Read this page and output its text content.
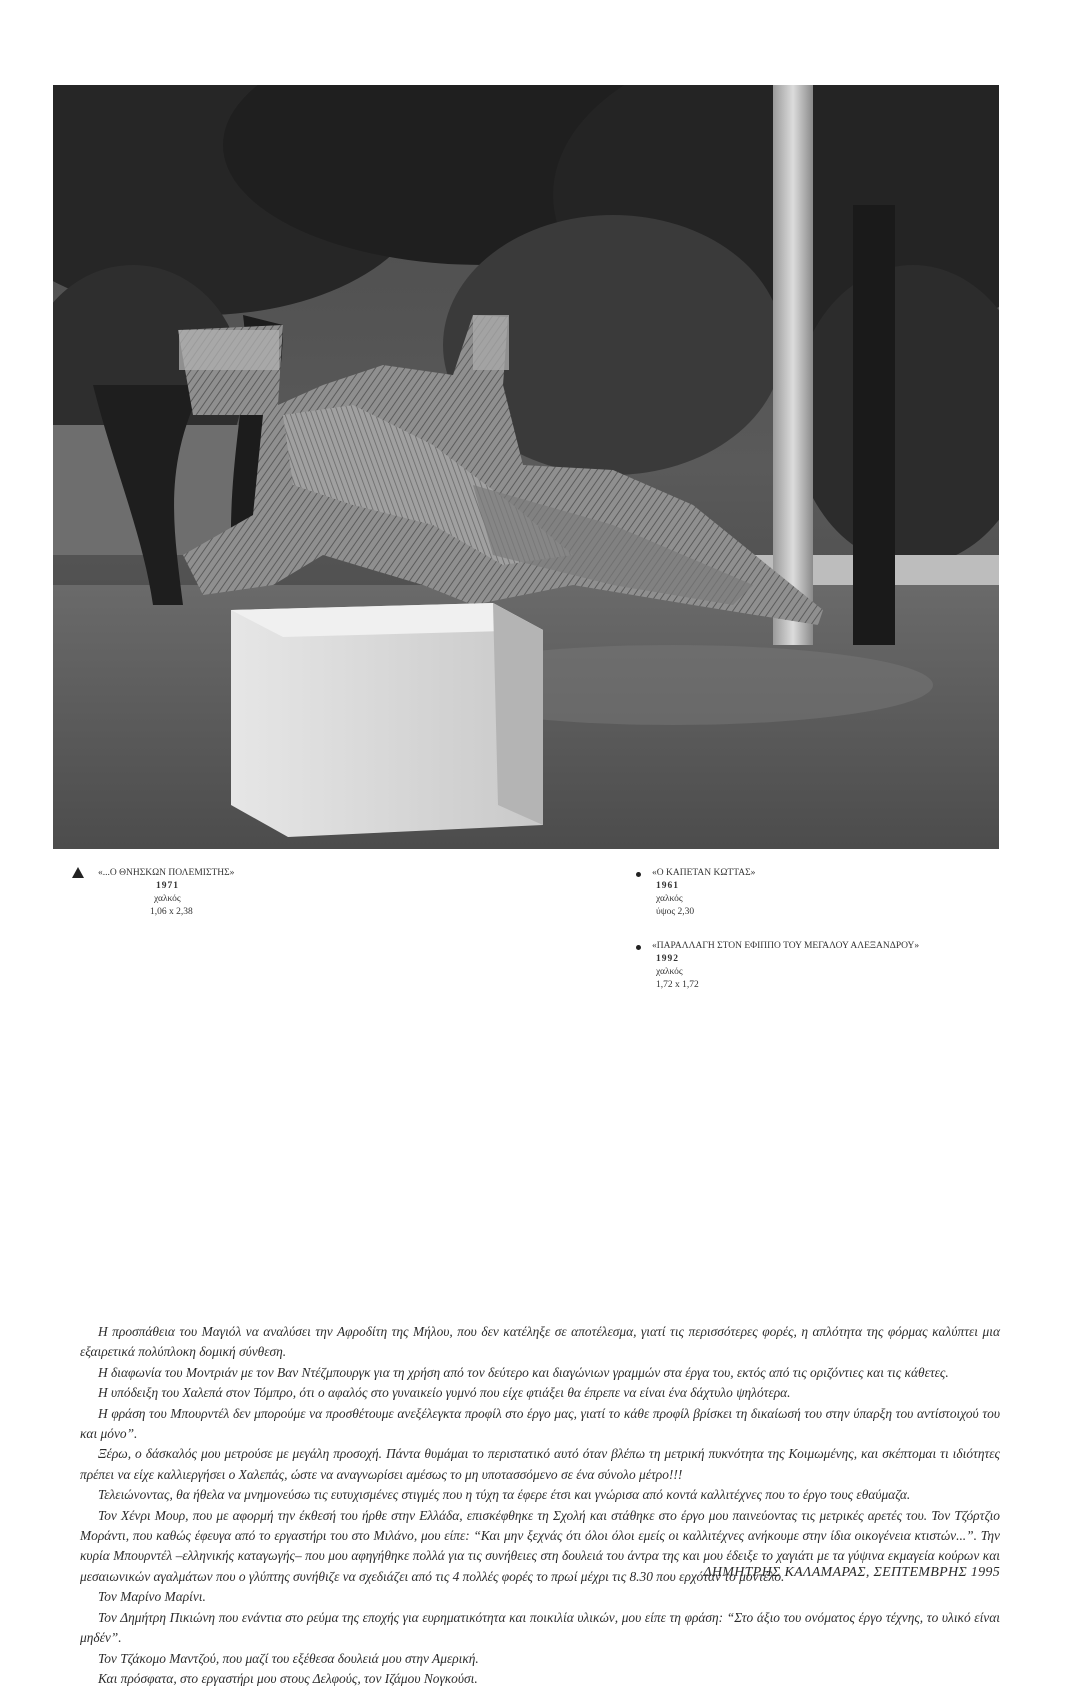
«...Ο ΘΝΗΣΚΩΝ ΠΟΛΕΜΙΣΤΗΣ»
1971
χαλκός
1,06 x 2,38
«Ο ΚΑΠΕΤΑΝ ΚΩΤΤΑΣ»
1961
χαλκός
ύψος 2,30
«ΠΑΡΑΛΛΑΓΗ ΣΤΟΝ ΕΦΙΠΠΟ ΤΟΥ ΜΕΓΑΛΟΥ ΑΛΕΞΑΝΔΡΟΥ»
1992
χαλκός
1,72 x 1,72

Η προσπάθεια του Μαγιόλ να αναλύσει την Αφροδίτη της Μήλου, που δεν κατέληξε σε αποτέλεσμα, γιατί τις περισσότερες φορές, η απλότητα της φόρμας καλύπτει μια εξαιρετικά πολύπλοκη δομική σύνθεση.

Η διαφωνία του Μοντριάν με τον Βαν Ντέζμπουργκ για τη χρήση από τον δεύτερο και διαγώνιων γραμμών στα έργα του, εκτός από τις οριζόντιες και τις κάθετες.

Η υπόδειξη του Χαλεπά στον Τόμπρο, ότι ο αφαλός στο γυναικείο γυμνό που είχε φτιάξει θα έπρεπε να είναι ένα δάχτυλο ψηλότερα.

Η φράση του Μπουρντέλ δεν μπορούμε να προσθέτουμε ανεξέλεγκτα προφίλ στο έργο μας, γιατί το κάθε προφίλ βρίσκει τη δικαίωσή του στην ύπαρξη του αντίστοιχού του και μόνο”.

Ξέρω, ο δάσκαλός μου μετρούσε με μεγάλη προσοχή. Πάντα θυμάμαι το περιστατικό αυτό όταν βλέπω τη μετρική πυκνότητα της Κοιμωμένης, και σκέπτομαι τι ιδιότητες πρέπει να είχε καλλιεργήσει ο Χαλεπάς, ώστε να αναγνωρίσει αμέσως το μη υποτασσόμενο σε ένα σύνολο μέτρο!!!

Τελειώνοντας, θα ήθελα να μνημονεύσω τις ευτυχισμένες στιγμές που η τύχη τα έφερε έτσι και γνώρισα από κοντά καλλιτέχνες που το έργο τους εθαύμαζα.

Τον Χένρι Μουρ, που με αφορμή την έκθεσή του ήρθε στην Ελλάδα, επισκέφθηκε τη Σχολή και στάθηκε στο έργο μου παινεύοντας τις μετρικές αρετές του. Τον Τζόρτζιο Μοράντι, που καθώς έφευγα από το εργαστήρι του στο Μιλάνο, μου είπε: “Και μην ξεχνάς ότι όλοι όλοι εμείς οι καλλιτέχνες ανήκουμε στην ίδια οικογένεια κτιστών...”. Την κυρία Μπουρντέλ –ελληνικής καταγωγής– που μου αφηγήθηκε πολλά για τις συνήθειες στη δουλειά του άντρα της και μου έδειξε το χαγιάτι με τα γύψινα εκμαγεία κούρων και μεσαιωνικών αγαλμάτων που ο γλύπτης συνήθιζε να σχεδιάζει από τις 4 πολλές φορές το πρωί μέχρι τις 8.30 που ερχόταν το μοντέλο.

Τον Μαρίνο Μαρίνι.

Τον Δημήτρη Πικιώνη που ενάντια στο ρεύμα της εποχής για ευρηματικότητα και ποικιλία υλικών, μου είπε τη φράση: “Στο άξιο του ονόματος έργο τέχνης, το υλικό είναι μηδέν”.

Τον Τζάκομο Μαντζού, που μαζί του εξέθεσα δουλειά μου στην Αμερική.

Και πρόσφατα, στο εργαστήρι μου στους Δελφούς, τον Ιζάμου Νογκούσι.

ΔΗΜΗΤΡΗΣ ΚΑΛΑΜΑΡΑΣ, ΣΕΠΤΕΜΒΡΗΣ 1995
